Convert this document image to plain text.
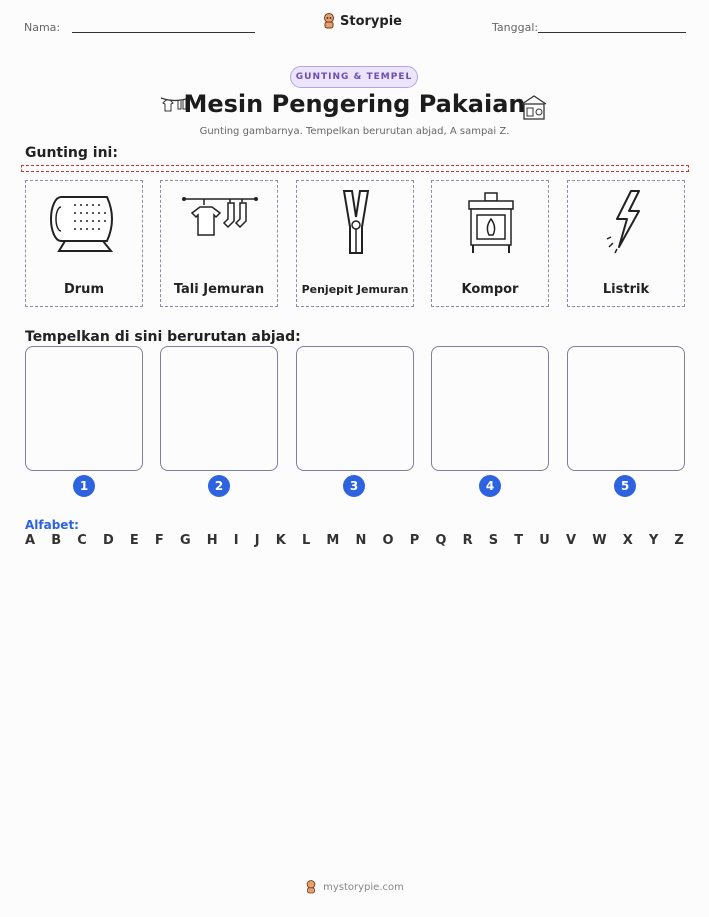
Nama:	Storypie	Tanggal:
GUNTING & TEMPEL
Mesin Pengering Pakaian
Gunting gambarnya. Tempelkan berurutan abjad, A sampai Z.
Gunting ini:
Drum	Tali Jemuran	Penjepit Jemuran	Kompor	Listrik
Tempelkan di sini berurutan abjad:
1	2	3	4	5
Alfabet:
A B C D E F G H I J K L M N O P Q R S T U V W X Y Z
mystorypie.com
